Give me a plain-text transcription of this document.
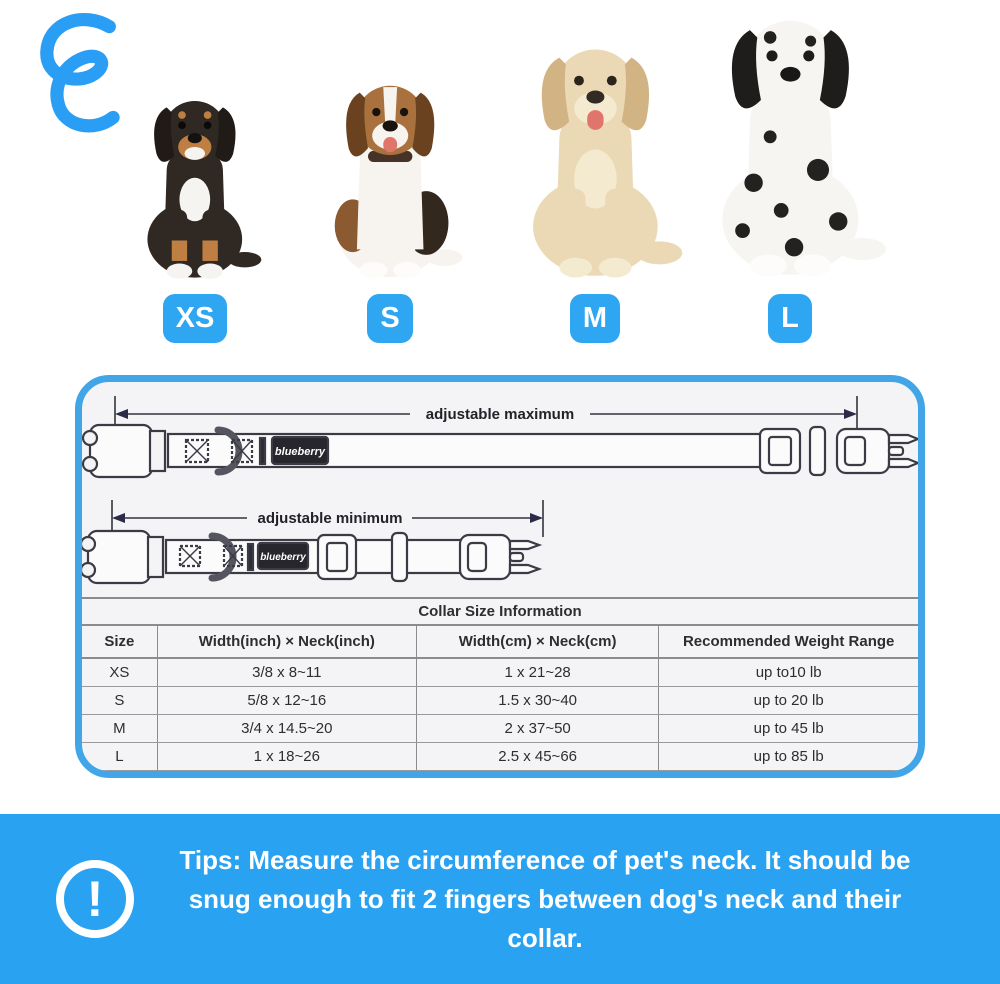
XS	S	M	L
adjustable maximum
adjustable minimum
blueberry
blueberry
Collar Size Information			
Size	Width(inch) × Neck(inch)	Width(cm) × Neck(cm)	Recommended Weight Range
XS	3/8 x 8~11	1 x 21~28	up to10 lb
S	5/8 x 12~16	1.5 x 30~40	up to 20 lb
M	3/4 x 14.5~20	2 x 37~50	up to 45 lb
L	1 x 18~26	2.5 x 45~66	up to 85 lb
!

Tips: Measure the circumference of pet's neck. It should be snug enough to fit 2 fingers between dog's neck and their collar.
